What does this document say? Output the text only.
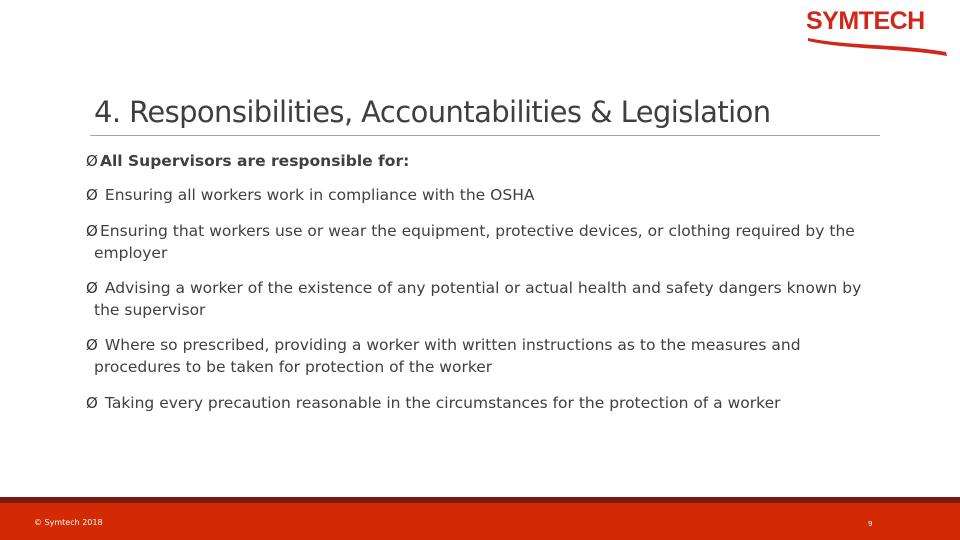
SYMTECH
4. Responsibilities, Accountabilities & Legislation
Ø All Supervisors are responsible for:
Ø Ensuring all workers work in compliance with the OSHA
Ø Ensuring that workers use or wear the equipment, protective devices, or clothing required by the employer
Ø Advising a worker of the existence of any potential or actual health and safety dangers known by the supervisor
Ø Where so prescribed, providing a worker with written instructions as to the measures and procedures to be taken for protection of the worker
Ø Taking every precaution reasonable in the circumstances for the protection of a worker
© Symtech 2018	9
